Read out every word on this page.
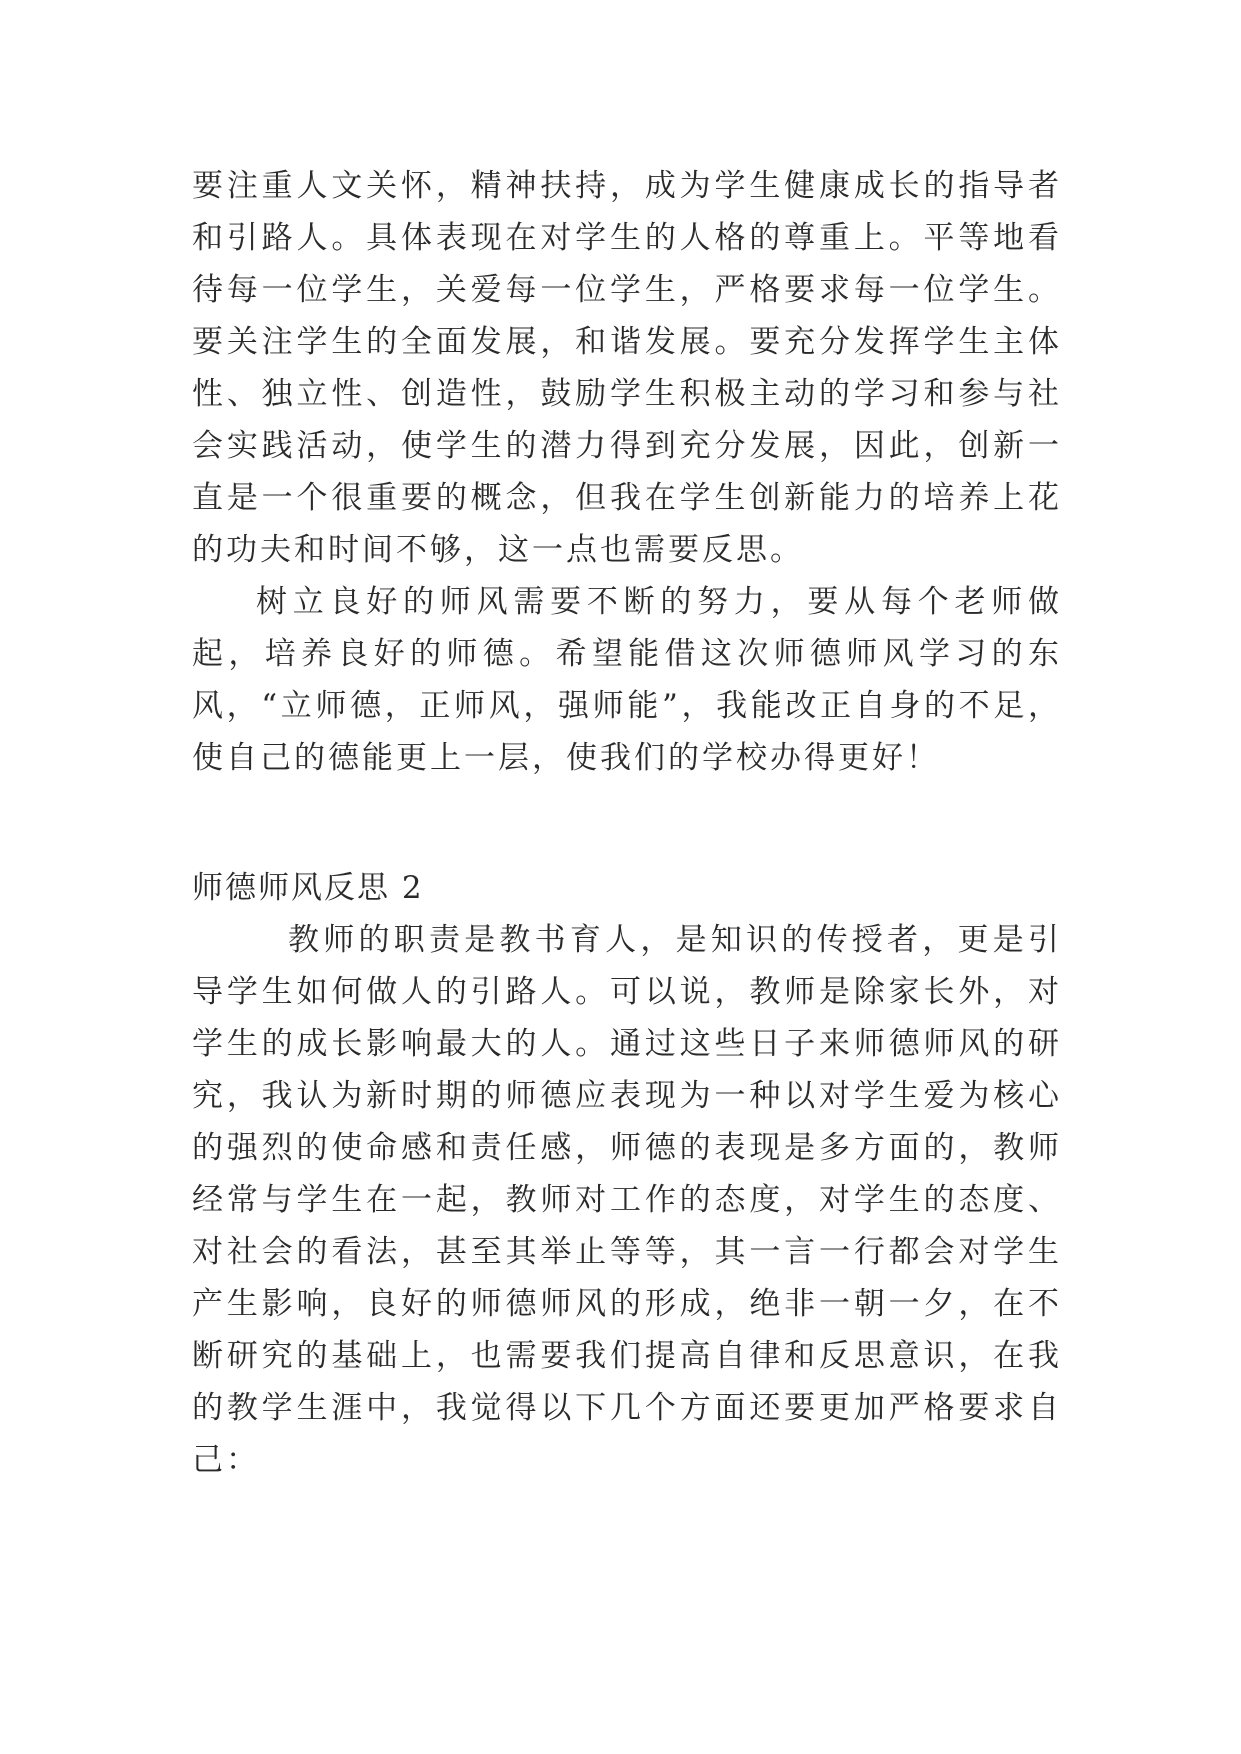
要注重人文关怀，精神扶持，成为学生健康成长的指导者和引路人。具体表现在对学生的人格的尊重上。平等地看待每一位学生，关爱每一位学生，严格要求每一位学生。要关注学生的全面发展，和谐发展。要充分发挥学生主体性、独立性、创造性，鼓励学生积极主动的学习和参与社会实践活动，使学生的潜力得到充分发展，因此，创新一直是一个很重要的概念，但我在学生创新能力的培养上花的功夫和时间不够，这一点也需要反思。

树立良好的师风需要不断的努力，要从每个老师做起，培养良好的师德。希望能借这次师德师风学习的东风，“立师德，正师风，强师能”，我能改正自身的不足，使自己的德能更上一层，使我们的学校办得更好！

师德师风反思 2

教师的职责是教书育人，是知识的传授者，更是引导学生如何做人的引路人。可以说，教师是除家长外，对学生的成长影响最大的人。通过这些日子来师德师风的研究，我认为新时期的师德应表现为一种以对学生爱为核心的强烈的使命感和责任感，师德的表现是多方面的，教师经常与学生在一起，教师对工作的态度，对学生的态度、对社会的看法，甚至其举止等等，其一言一行都会对学生产生影响，良好的师德师风的形成，绝非一朝一夕，在不断研究的基础上，也需要我们提高自律和反思意识，在我的教学生涯中，我觉得以下几个方面还要更加严格要求自己：
